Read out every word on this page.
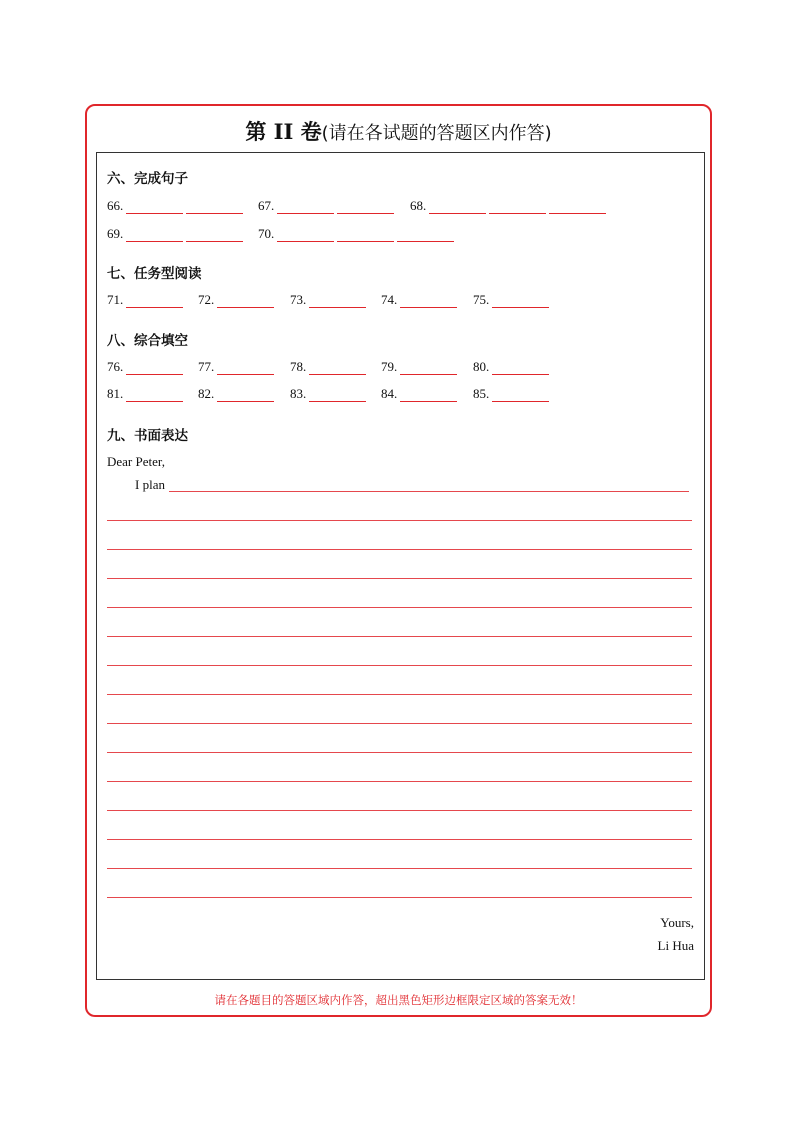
第 II 卷(请在各试题的答题区内作答)
六、完成句子
66.	67.	68.
69.	70.
七、任务型阅读
71.	72.	73.	74.	75.
八、综合填空
76.	77.	78.	79.	80.
81.	82.	83.	84.	85.
九、书面表达
Dear Peter,
I plan
Yours,
Li Hua
请在各题目的答题区域内作答，超出黑色矩形边框限定区域的答案无效！
